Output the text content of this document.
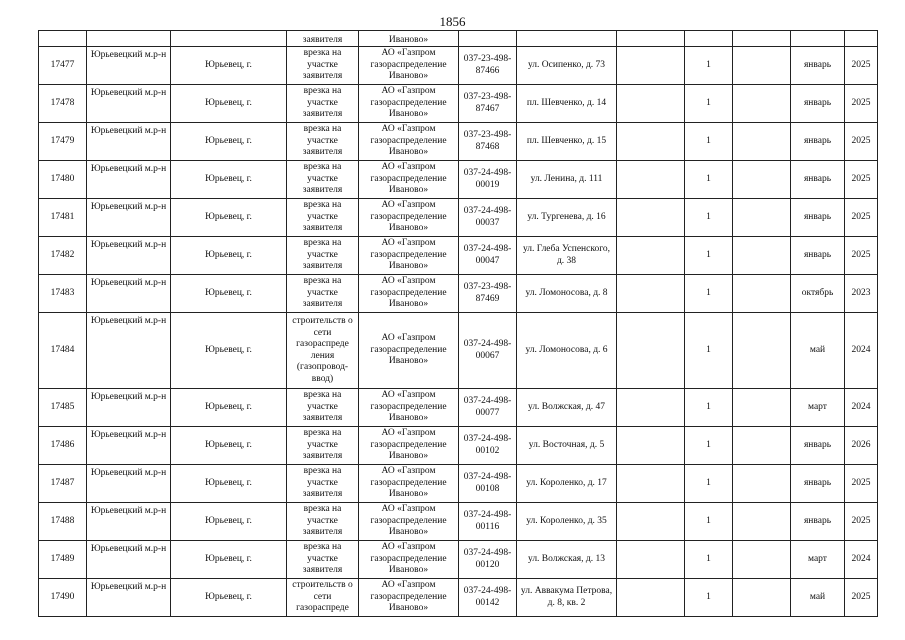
1856
			заявителя	Иваново»							
17477	Юрьевецкий м.р-н	Юрьевец, г.	врезка на участке заявителя	АО «Газпром газораспределение Иваново»	037-23-498-87466	ул. Осипенко, д. 73		1		январь	2025
17478	Юрьевецкий м.р-н	Юрьевец, г.	врезка на участке заявителя	АО «Газпром газораспределение Иваново»	037-23-498-87467	пл. Шевченко, д. 14		1		январь	2025
17479	Юрьевецкий м.р-н	Юрьевец, г.	врезка на участке заявителя	АО «Газпром газораспределение Иваново»	037-23-498-87468	пл. Шевченко, д. 15		1		январь	2025
17480	Юрьевецкий м.р-н	Юрьевец, г.	врезка на участке заявителя	АО «Газпром газораспределение Иваново»	037-24-498-00019	ул. Ленина, д. 111		1		январь	2025
17481	Юрьевецкий м.р-н	Юрьевец, г.	врезка на участке заявителя	АО «Газпром газораспределение Иваново»	037-24-498-00037	ул. Тургенева, д. 16		1		январь	2025
17482	Юрьевецкий м.р-н	Юрьевец, г.	врезка на участке заявителя	АО «Газпром газораспределение Иваново»	037-24-498-00047	ул. Глеба Успенского, д. 38		1		январь	2025
17483	Юрьевецкий м.р-н	Юрьевец, г.	врезка на участке заявителя	АО «Газпром газораспределение Иваново»	037-23-498-87469	ул. Ломоносова, д. 8		1		октябрь	2023
17484	Юрьевецкий м.р-н	Юрьевец, г.	строительств о сети газораспреде ления (газопровод-ввод)	АО «Газпром газораспределение Иваново»	037-24-498-00067	ул. Ломоносова, д. 6		1		май	2024
17485	Юрьевецкий м.р-н	Юрьевец, г.	врезка на участке заявителя	АО «Газпром газораспределение Иваново»	037-24-498-00077	ул. Волжская, д. 47		1		март	2024
17486	Юрьевецкий м.р-н	Юрьевец, г.	врезка на участке заявителя	АО «Газпром газораспределение Иваново»	037-24-498-00102	ул. Восточная, д. 5		1		январь	2026
17487	Юрьевецкий м.р-н	Юрьевец, г.	врезка на участке заявителя	АО «Газпром газораспределение Иваново»	037-24-498-00108	ул. Короленко, д. 17		1		январь	2025
17488	Юрьевецкий м.р-н	Юрьевец, г.	врезка на участке заявителя	АО «Газпром газораспределение Иваново»	037-24-498-00116	ул. Короленко, д. 35		1		январь	2025
17489	Юрьевецкий м.р-н	Юрьевец, г.	врезка на участке заявителя	АО «Газпром газораспределение Иваново»	037-24-498-00120	ул. Волжская, д. 13		1		март	2024
17490	Юрьевецкий м.р-н	Юрьевец, г.	строительств о сети газораспреде	АО «Газпром газораспределение Иваново»	037-24-498-00142	ул. Аввакума Петрова, д. 8, кв. 2		1		май	2025
